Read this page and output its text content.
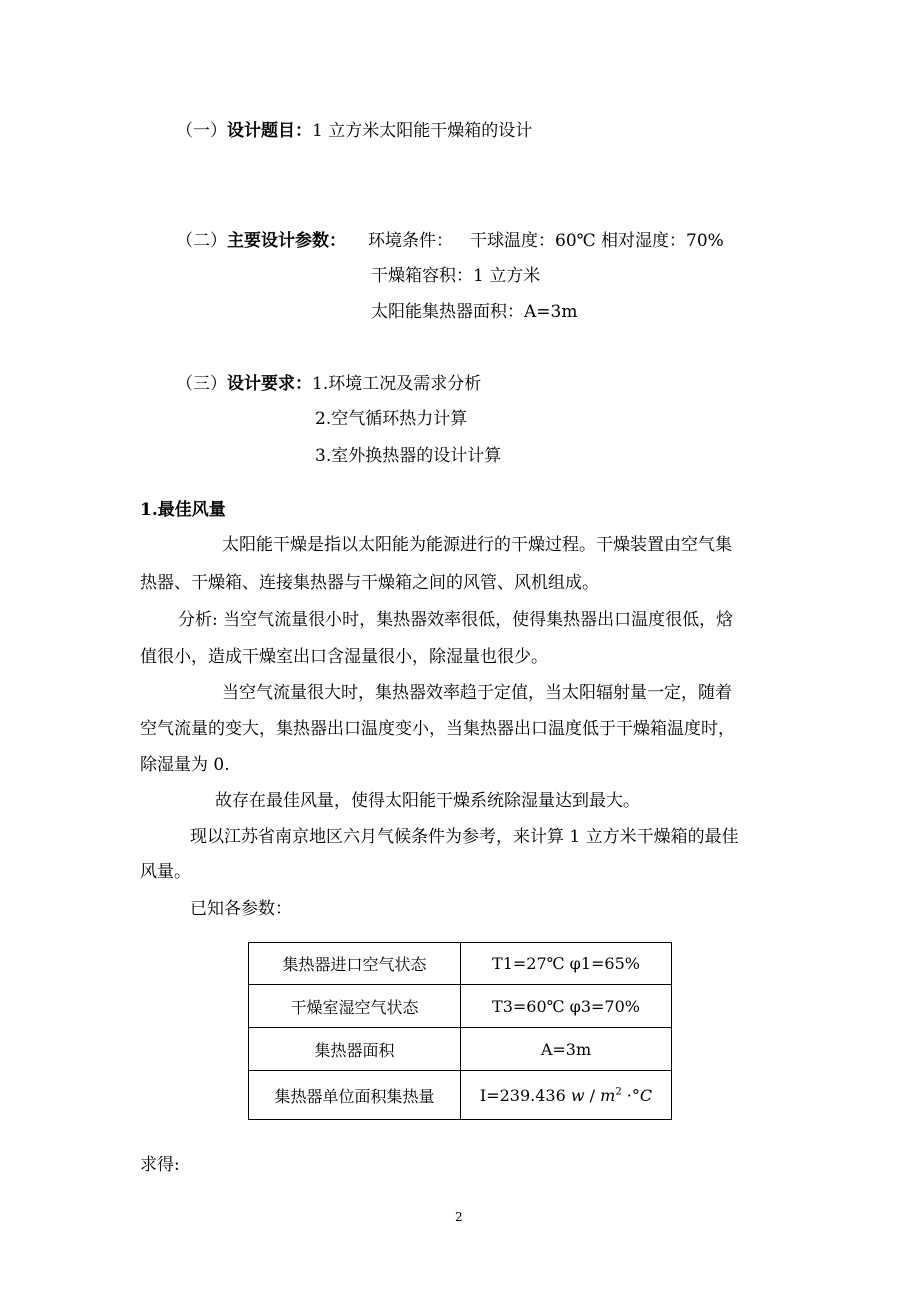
（一）设计题目：1 立方米太阳能干燥箱的设计
（二）主要设计参数： 环境条件： 干球温度：60℃ 相对湿度：70%
干燥箱容积：1 立方米
太阳能集热器面积：A=3m
（三）设计要求：1.环境工况及需求分析
2.空气循环热力计算
3.室外换热器的设计计算
1.最佳风量
太阳能干燥是指以太阳能为能源进行的干燥过程。干燥装置由空气集
热器、干燥箱、连接集热器与干燥箱之间的风管、风机组成。
分析: 当空气流量很小时，集热器效率很低，使得集热器出口温度很低，焓
值很小，造成干燥室出口含湿量很小，除湿量也很少。
当空气流量很大时，集热器效率趋于定值，当太阳辐射量一定，随着
空气流量的变大，集热器出口温度变小，当集热器出口温度低于干燥箱温度时，
除湿量为 0.
故存在最佳风量，使得太阳能干燥系统除湿量达到最大。
现以江苏省南京地区六月气候条件为参考，来计算 1 立方米干燥箱的最佳
风量。
已知各参数：
集热器进口空气状态	T1=27℃ φ1=65%
干燥室湿空气状态	T3=60℃ φ3=70%
集热器面积	A=3m
集热器单位面积集热量	I=239.436 $w / m^2 \cdot^\circ C$
求得:
2
